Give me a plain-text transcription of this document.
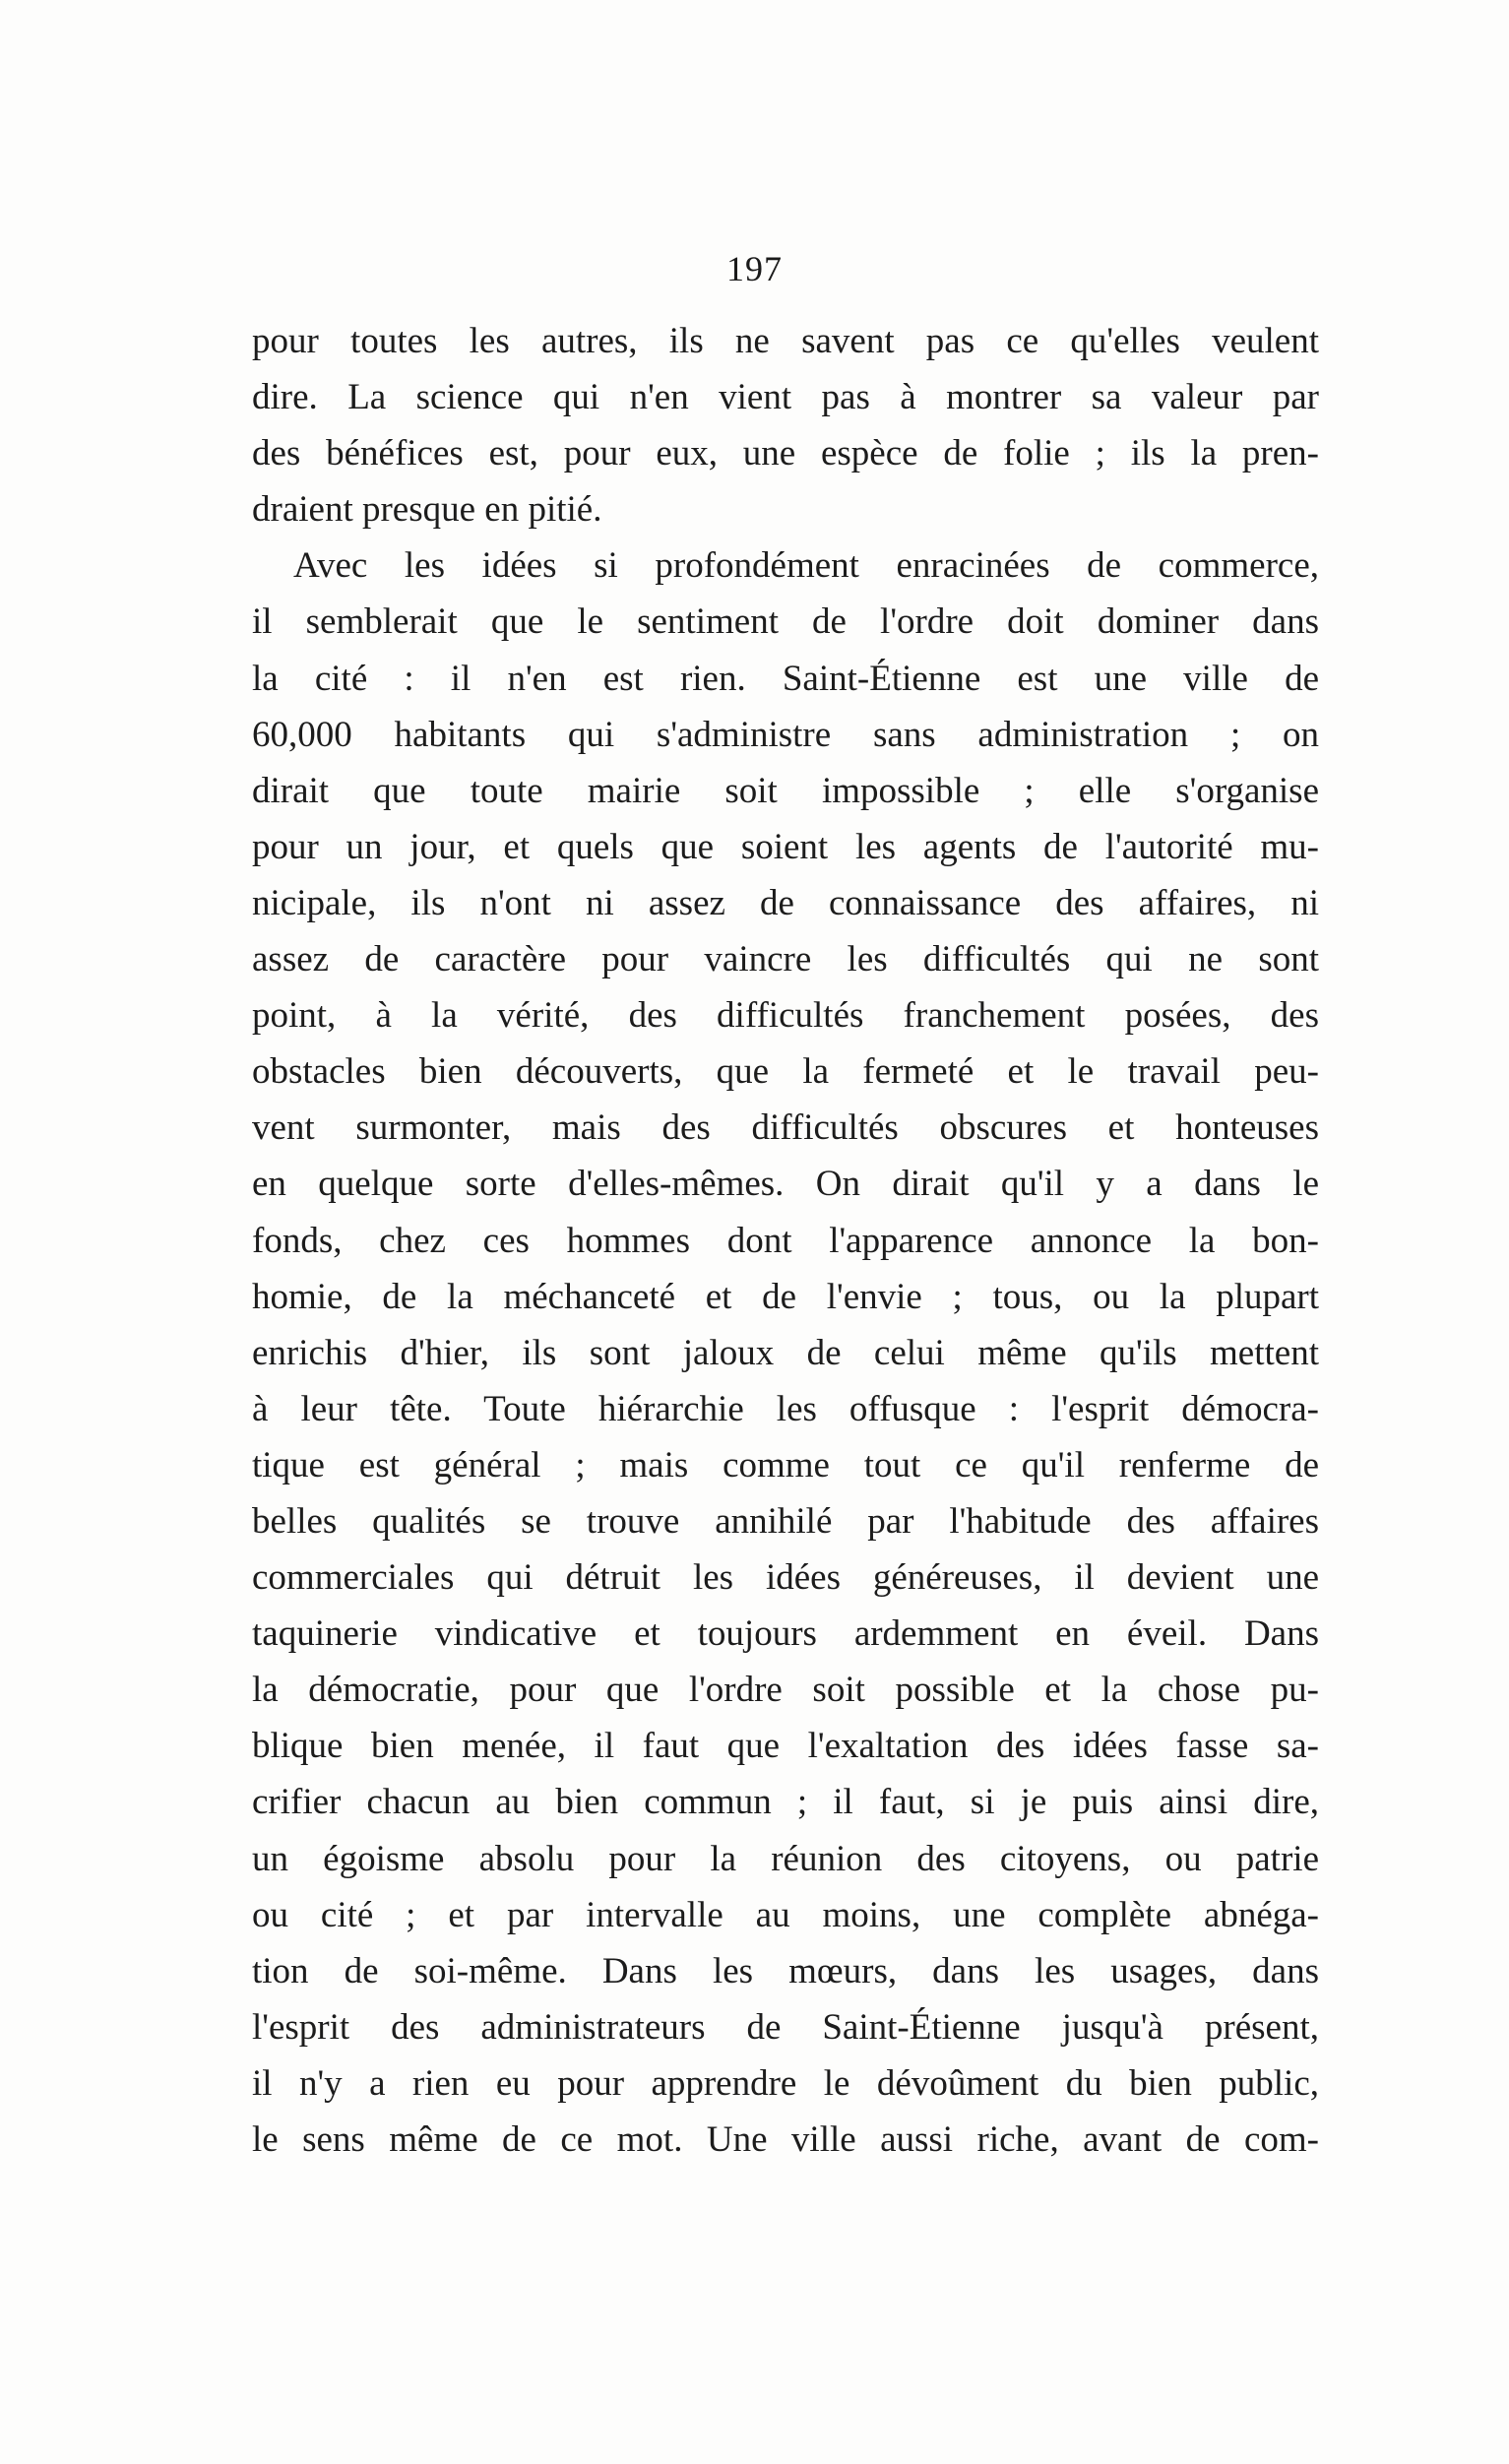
197
pour toutes les autres, ils ne savent pas ce qu'elles veulent
dire. La science qui n'en vient pas à montrer sa valeur par
des bénéfices est, pour eux, une espèce de folie ; ils la pren-
draient presque en pitié.
Avec les idées si profondément enracinées de commerce,
il semblerait que le sentiment de l'ordre doit dominer dans
la cité : il n'en est rien. Saint-Étienne est une ville de
60,000 habitants qui s'administre sans administration ; on
dirait que toute mairie soit impossible ; elle s'organise
pour un jour, et quels que soient les agents de l'autorité mu-
nicipale, ils n'ont ni assez de connaissance des affaires, ni
assez de caractère pour vaincre les difficultés qui ne sont
point, à la vérité, des difficultés franchement posées, des
obstacles bien découverts, que la fermeté et le travail peu-
vent surmonter, mais des difficultés obscures et honteuses
en quelque sorte d'elles-mêmes. On dirait qu'il y a dans le
fonds, chez ces hommes dont l'apparence annonce la bon-
homie, de la méchanceté et de l'envie ; tous, ou la plupart
enrichis d'hier, ils sont jaloux de celui même qu'ils mettent
à leur tête. Toute hiérarchie les offusque : l'esprit démocra-
tique est général ; mais comme tout ce qu'il renferme de
belles qualités se trouve annihilé par l'habitude des affaires
commerciales qui détruit les idées généreuses, il devient une
taquinerie vindicative et toujours ardemment en éveil. Dans
la démocratie, pour que l'ordre soit possible et la chose pu-
blique bien menée, il faut que l'exaltation des idées fasse sa-
crifier chacun au bien commun ; il faut, si je puis ainsi dire,
un égoisme absolu pour la réunion des citoyens, ou patrie
ou cité ; et par intervalle au moins, une complète abnéga-
tion de soi-même. Dans les mœurs, dans les usages, dans
l'esprit des administrateurs de Saint-Étienne jusqu'à présent,
il n'y a rien eu pour apprendre le dévoûment du bien public,
le sens même de ce mot. Une ville aussi riche, avant de com-
